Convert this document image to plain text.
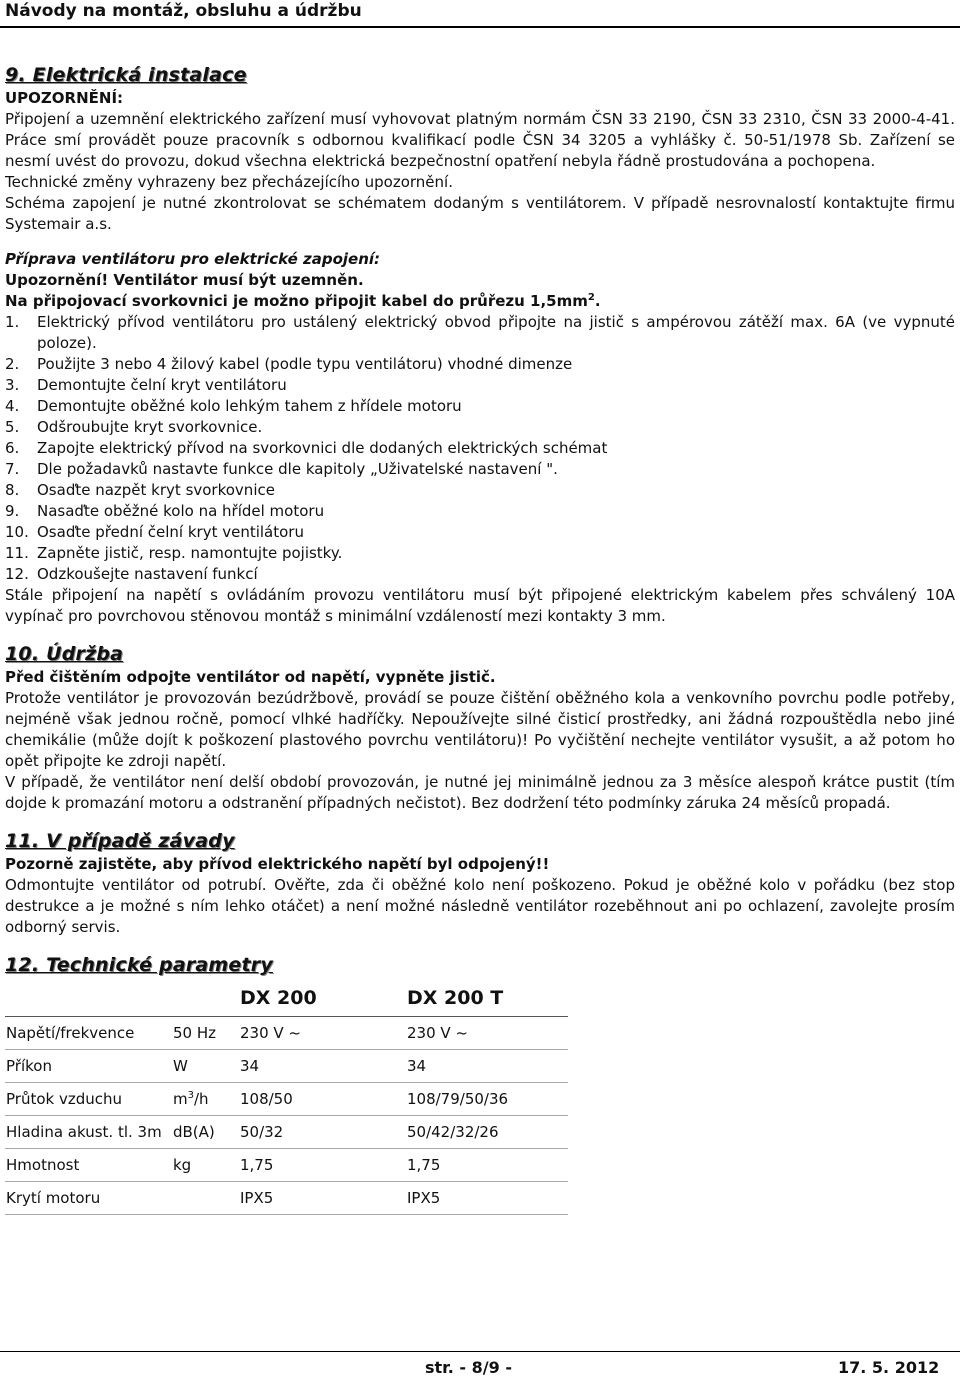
Návody na montáž, obsluhu a údržbu
9. Elektrická instalace
UPOZORNĚNÍ:

Připojení a uzemnění elektrického zařízení musí vyhovovat platným normám ČSN 33 2190, ČSN 33 2310, ČSN 33 2000-4-41. Práce smí provádět pouze pracovník s odbornou kvalifikací podle ČSN 34 3205 a vyhlášky č. 50-51/1978 Sb. Zařízení se nesmí uvést do provozu, dokud všechna elektrická bezpečnostní opatření nebyla řádně prostudována a pochopena.

Technické změny vyhrazeny bez přecházejícího upozornění.

Schéma zapojení je nutné zkontrolovat se schématem dodaným s ventilátorem. V případě nesrovnalostí kontaktujte firmu Systemair a.s.

Příprava ventilátoru pro elektrické zapojení:
Upozornění! Ventilátor musí být uzemněn.
Na připojovací svorkovnici je možno připojit kabel do průřezu $1,5mm^2$.
1.	Elektrický přívod ventilátoru pro ustálený elektrický obvod připojte na jistič s ampérovou zátěží max. 6A (ve vypnuté poloze).
2.	Použijte 3 nebo 4 žilový kabel (podle typu ventilátoru) vhodné dimenze
3.	Demontujte čelní kryt ventilátoru
4.	Demontujte oběžné kolo lehkým tahem z hřídele motoru
5.	Odšroubujte kryt svorkovnice.
6.	Zapojte elektrický přívod na svorkovnici dle dodaných elektrických schémat
7.	Dle požadavků nastavte funkce dle kapitoly „Uživatelské nastavení ".
8.	Osaďte nazpět kryt svorkovnice
9.	Nasaďte oběžné kolo na hřídel motoru
10. Osaďte přední čelní kryt ventilátoru
11. Zapněte jistič, resp. namontujte pojistky.
12. Odzkoušejte nastavení funkcí

Stále připojení na napětí s ovládáním provozu ventilátoru musí být připojené elektrickým kabelem přes schválený 10A vypínač pro povrchovou stěnovou montáž s minimální vzdáleností mezi kontakty 3 mm.

10. Údržba
Před čištěním odpojte ventilátor od napětí, vypněte jistič.

Protože ventilátor je provozován bezúdržbově, provádí se pouze čištění oběžného kola a venkovního povrchu podle potřeby, nejméně však jednou ročně, pomocí vlhké hadříčky. Nepoužívejte silné čisticí prostředky, ani žádná rozpouštědla nebo jiné chemikálie (může dojít k poškození plastového povrchu ventilátoru)! Po vyčištění nechejte ventilátor vysušit, a až potom ho opět připojte ke zdroji napětí.

V případě, že ventilátor není delší období provozován, je nutné jej minimálně jednou za 3 měsíce alespoň krátce pustit (tím dojde k promazání motoru a odstranění případných nečistot). Bez dodržení této podmínky záruka 24 měsíců propadá.

11. V případě závady
Pozorně zajistěte, aby přívod elektrického napětí byl odpojený!!

Odmontujte ventilátor od potrubí. Ověřte, zda či oběžné kolo není poškozeno. Pokud je oběžné kolo v pořádku (bez stop destrukce a je možné s ním lehko otáčet) a není možné následně ventilátor rozeběhnout ani po ochlazení, zavolejte prosím odborný servis.

12. Technické parametry
		DX 200	DX 200 T
Napětí/frekvence	50 Hz	230 V ~	230 V ~
Příkon	W	34	34
Průtok vzduchu	$m^3/h$	108/50	108/79/50/36
Hladina akust. tl. 3m	dB(A)	50/32	50/42/32/26
Hmotnost	kg	1,75	1,75
Krytí motoru		IPX5	IPX5
str. - 8/9 -	17. 5. 2012
